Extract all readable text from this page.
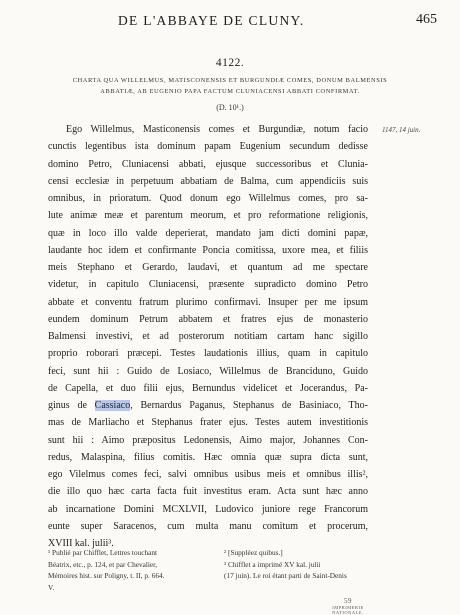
DE L'ABBAYE DE CLUNY.	465
4122.
CHARTA QUA WILLELMUS, MATISCONENSIS ET BURGUNDIÆ COMES, DONUM BALMENSIS
ABBATIÆ, AB EUGENIO PAPA FACTUM CLUNIACENSI ABBATI CONFIRMAT.
(D. 10¹.)
1147, 14 juin.
Ego Willelmus, Masticonensis comes et Burgundiæ, notum facio
cunctis legentibus ista dominum papam Eugenium secundum dedisse
domino Petro, Cluniacensi abbati, ejusque successoribus et Clunia-
censi ecclesiæ in perpetuum abbatiam de Balma, cum appendiciis suis
omnibus, in prioratum. Quod donum ego Willelmus comes, pro sa-
lute animæ meæ et parentum meorum, et pro reformatione religionis,
quæ in loco illo valde deperierat, mandato jam dicti domini papæ,
laudante hoc idem et confirmante Poncia comitissa, uxore mea, et filiis
meis Stephano et Gerardo, laudavi, et quantum ad me spectare
videtur, in capitulo Cluniacensi, præsente supradicto domino Petro
abbate et conventu fratrum plurimo confirmavi. Insuper per me ipsum
eundem dominum Petrum abbatem et fratres ejus de monasterio
Balmensi investivi, et ad posterorum notitiam cartam hanc sigillo
proprio roborari præcepi. Testes laudationis illius, quam in capitulo
feci, sunt hii : Guido de Losiaco, Willelmus de Branciduno, Guido
de Capella, et duo filii ejus, Bernundus videlicet et Jocerandus, Pa-
ginus de Cassiaco, Bernardus Paganus, Stephanus de Basiniaco, Tho-
mas de Marliacho et Stephanus frater ejus. Testes autem investitionis
sunt hii : Aimo præpositus Ledonensis, Aimo major, Johannes Con-
redus, Malaspina, filius comitis. Hæc omnia quæ supra dicta sunt,
ego Vilelmus comes feci, salvi omnibus usibus meis et omnibus illis²,
die illo quo hæc carta facta fuit investitus eram. Acta sunt hæc anno
ab incarnatione Domini MCXLVII, Ludovico juniore rege Francorum
eunte super Saracenos, cum multa manu comitum et procerum,
XVIII kal. julii³.
¹ Publié par Chifflet, Lettres touchant
Béatrix, etc., p. 124, et par Chevalier,
Mémoires hist. sur Poligny, t. II, p. 664.
V.
² [Suppléez quibus.]
³ Chifflet a imprimé XV kal. julii
(17 juin). Le roi étant parti de Saint-Denis
59
IMPRIMERIE NATIONALE.
